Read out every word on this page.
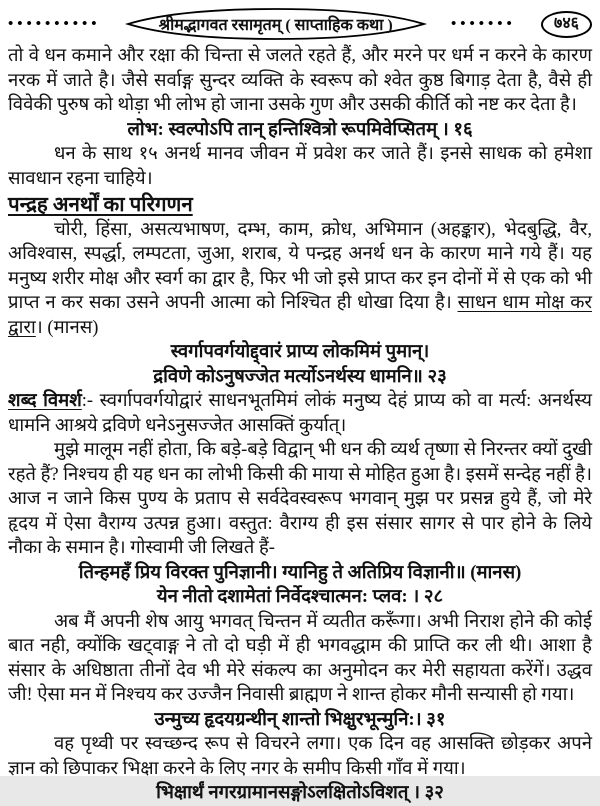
••••••••••	श्रीमद्भागवत रसामृतम् ( साप्ताहिक कथा )	•••••••	७४६

तो वे धन कमाने और रक्षा की चिन्ता से जलते रहते हैं, और मरने पर धर्म न करने के कारण नरक में जाते है। जैसे सर्वाङ्ग सुन्दर व्यक्ति के स्वरूप को श्वेत कुष्ठ बिगाड़ देता है, वैसे ही विवेकी पुरुष को थोड़ा भी लोभ हो जाना उसके गुण और उसकी कीर्ति को नष्ट कर देता है।

लोभ: स्वल्पोऽपि तान् हन्तिश्वित्रो रूपमिवेप्सितम् । १६

धन के साथ १५ अनर्थ मानव जीवन में प्रवेश कर जाते हैं। इनसे साधक को हमेशा सावधान रहना चाहिये।

पन्द्रह अनर्थों का परिगणन

चोरी, हिंसा, असत्यभाषण, दम्भ, काम, क्रोध, अभिमान (अहङ्कार), भेदबुद्धि, वैर, अविश्वास, स्पर्द्धा, लम्पटता, जुआ, शराब, ये पन्द्रह अनर्थ धन के कारण माने गये हैं। यह मनुष्य शरीर मोक्ष और स्वर्ग का द्वार है, फिर भी जो इसे प्राप्त कर इन दोनों में से एक को भी प्राप्त न कर सका उसने अपनी आत्मा को निश्चित ही धोखा दिया है। साधन धाम मोक्ष कर द्वारा। (मानस)

स्वर्गापवर्गयोद्द्वारं प्राप्य लोकमिमं पुमान्।

द्रविणे कोऽनुषज्जेत मर्त्योऽनर्थस्य धामनि॥ २३

शब्द विमर्श:- स्वर्गापवर्गयोद्वारं साधनभूतमिमं लोकं मनुष्य देहं प्राप्य को वा मर्त्य: अनर्थस्य धामनि आश्रये द्रविणे धनेऽनुसज्जेत आसक्तिं कुर्यात्।

मुझे मालूम नहीं होता, कि बड़े-बड़े विद्वान् भी धन की व्यर्थ तृष्णा से निरन्तर क्यों दुखी रहते हैं? निश्चय ही यह धन का लोभी किसी की माया से मोहित हुआ है। इसमें सन्देह नहीं है। आज न जाने किस पुण्य के प्रताप से सर्वदेवस्वरूप भगवान् मुझ पर प्रसन्न हुये हैं, जो मेरे हृदय में ऐसा वैराग्य उत्पन्न हुआ। वस्तुत: वैराग्य ही इस संसार सागर से पार होने के लिये नौका के समान है। गोस्वामी जी लिखते हैं-

तिन्हमहँ प्रिय विरक्त पुनिज्ञानी। ग्यानिहु ते अतिप्रिय विज्ञानी॥ (मानस)

येन नीतो दशामेतां निर्वेदश्चात्मन: प्लव: । २८

अब मैं अपनी शेष आयु भगवत् चिन्तन में व्यतीत करूँगा। अभी निराश होने की कोई बात नही, क्योंकि खट्वाङ्ग ने तो दो घड़ी में ही भगवद्धाम की प्राप्ति कर ली थी। आशा है संसार के अधिष्ठाता तीनों देव भी मेरे संकल्प का अनुमोदन कर मेरी सहायता करेंगें। उद्धव जी! ऐसा मन में निश्चय कर उज्जैन निवासी ब्राह्मण ने शान्त होकर मौनी सन्यासी हो गया।

उन्मुच्य हृदयग्रन्थीन् शान्तो भिक्षुरभून्मुनि:। ३१

वह पृथ्वी पर स्वच्छन्द रूप से विचरने लगा। एक दिन वह आसक्ति छोड़कर अपने ज्ञान को छिपाकर भिक्षा करने के लिए नगर के समीप किसी गाँव में गया।

भिक्षार्थं नगरग्रामानसङ्गोऽलक्षितोऽविशत् । ३२
